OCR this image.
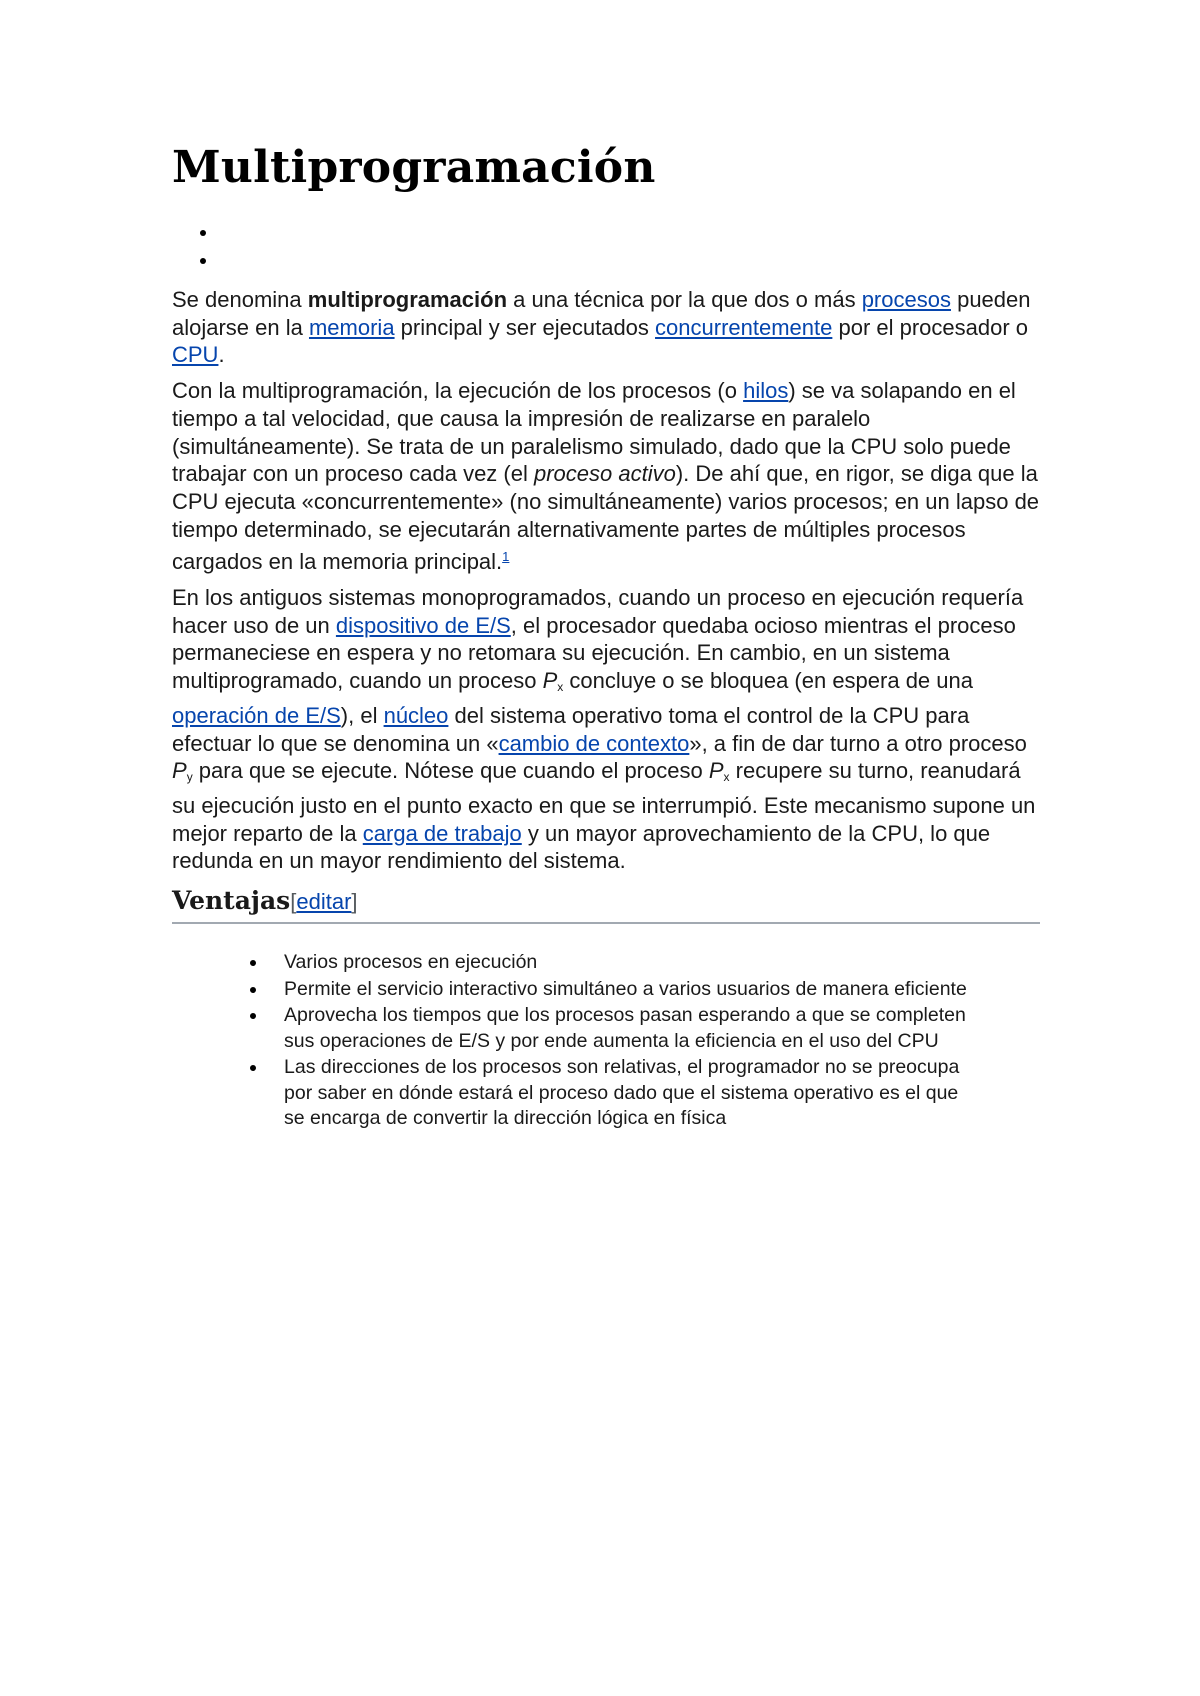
Multiprogramación

Se denomina multiprogramación a una técnica por la que dos o más procesos pueden alojarse en la memoria principal y ser ejecutados concurrentemente por el procesador o CPU.

Con la multiprogramación, la ejecución de los procesos (o hilos) se va solapando en el tiempo a tal velocidad, que causa la impresión de realizarse en paralelo (simultáneamente). Se trata de un paralelismo simulado, dado que la CPU solo puede trabajar con un proceso cada vez (el proceso activo). De ahí que, en rigor, se diga que la CPU ejecuta «concurrentemente» (no simultáneamente) varios procesos; en un lapso de tiempo determinado, se ejecutarán alternativamente partes de múltiples procesos cargados en la memoria principal.$^1$

En los antiguos sistemas monoprogramados, cuando un proceso en ejecución requería hacer uso de un dispositivo de E/S, el procesador quedaba ocioso mientras el proceso permaneciese en espera y no retomara su ejecución. En cambio, en un sistema multiprogramado, cuando un proceso $P_x$ concluye o se bloquea (en espera de una operación de E/S), el núcleo del sistema operativo toma el control de la CPU para efectuar lo que se denomina un «cambio de contexto», a fin de dar turno a otro proceso $P_y$ para que se ejecute. Nótese que cuando el proceso $P_x$ recupere su turno, reanudará su ejecución justo en el punto exacto en que se interrumpió. Este mecanismo supone un mejor reparto de la carga de trabajo y un mayor aprovechamiento de la CPU, lo que redunda en un mayor rendimiento del sistema.

Ventajas[editar]
Varios procesos en ejecución
Permite el servicio interactivo simultáneo a varios usuarios de manera eficiente
Aprovecha los tiempos que los procesos pasan esperando a que se completen sus operaciones de E/S y por ende aumenta la eficiencia en el uso del CPU
Las direcciones de los procesos son relativas, el programador no se preocupa por saber en dónde estará el proceso dado que el sistema operativo es el que se encarga de convertir la dirección lógica en física
